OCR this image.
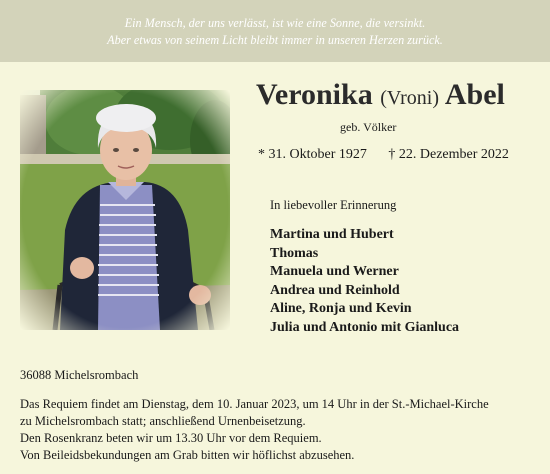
Ein Mensch, der uns verlässt, ist wie eine Sonne, die versinkt.
Aber etwas von seinem Licht bleibt immer in unseren Herzen zurück.
Veronika (Vroni) Abel
geb. Völker
* 31. Oktober 1927 † 22. Dezember 2022
In liebevoller Erinnerung
Martina und Hubert
Thomas
Manuela und Werner
Andrea und Reinhold
Aline, Ronja und Kevin
Julia und Antonio mit Gianluca
36088 Michelsrombach
Das Requiem findet am Dienstag, dem 10. Januar 2023, um 14 Uhr in der St.-Michael-Kirche
zu Michelsrombach statt; anschließend Urnenbeisetzung.
Den Rosenkranz beten wir um 13.30 Uhr vor dem Requiem.
Von Beileidsbekundungen am Grab bitten wir höflichst abzusehen.
